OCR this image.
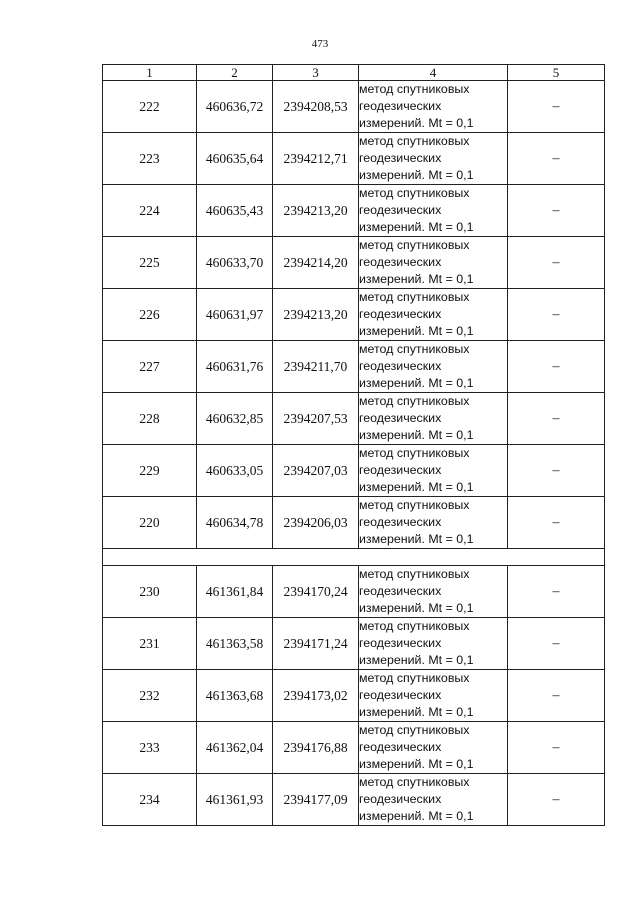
473
1	2	3	4	5
222	460636,72	2394208,53	метод спутниковых
геодезических
измерений. Mt = 0,1	–
223	460635,64	2394212,71	метод спутниковых
геодезических
измерений. Mt = 0,1	–
224	460635,43	2394213,20	метод спутниковых
геодезических
измерений. Mt = 0,1	–
225	460633,70	2394214,20	метод спутниковых
геодезических
измерений. Mt = 0,1	–
226	460631,97	2394213,20	метод спутниковых
геодезических
измерений. Mt = 0,1	–
227	460631,76	2394211,70	метод спутниковых
геодезических
измерений. Mt = 0,1	–
228	460632,85	2394207,53	метод спутниковых
геодезических
измерений. Mt = 0,1	–
229	460633,05	2394207,03	метод спутниковых
геодезических
измерений. Mt = 0,1	–
220	460634,78	2394206,03	метод спутниковых
геодезических
измерений. Mt = 0,1	–

230	461361,84	2394170,24	метод спутниковых
геодезических
измерений. Mt = 0,1	–
231	461363,58	2394171,24	метод спутниковых
геодезических
измерений. Mt = 0,1	–
232	461363,68	2394173,02	метод спутниковых
геодезических
измерений. Mt = 0,1	–
233	461362,04	2394176,88	метод спутниковых
геодезических
измерений. Mt = 0,1	–
234	461361,93	2394177,09	метод спутниковых
геодезических
измерений. Mt = 0,1	–
